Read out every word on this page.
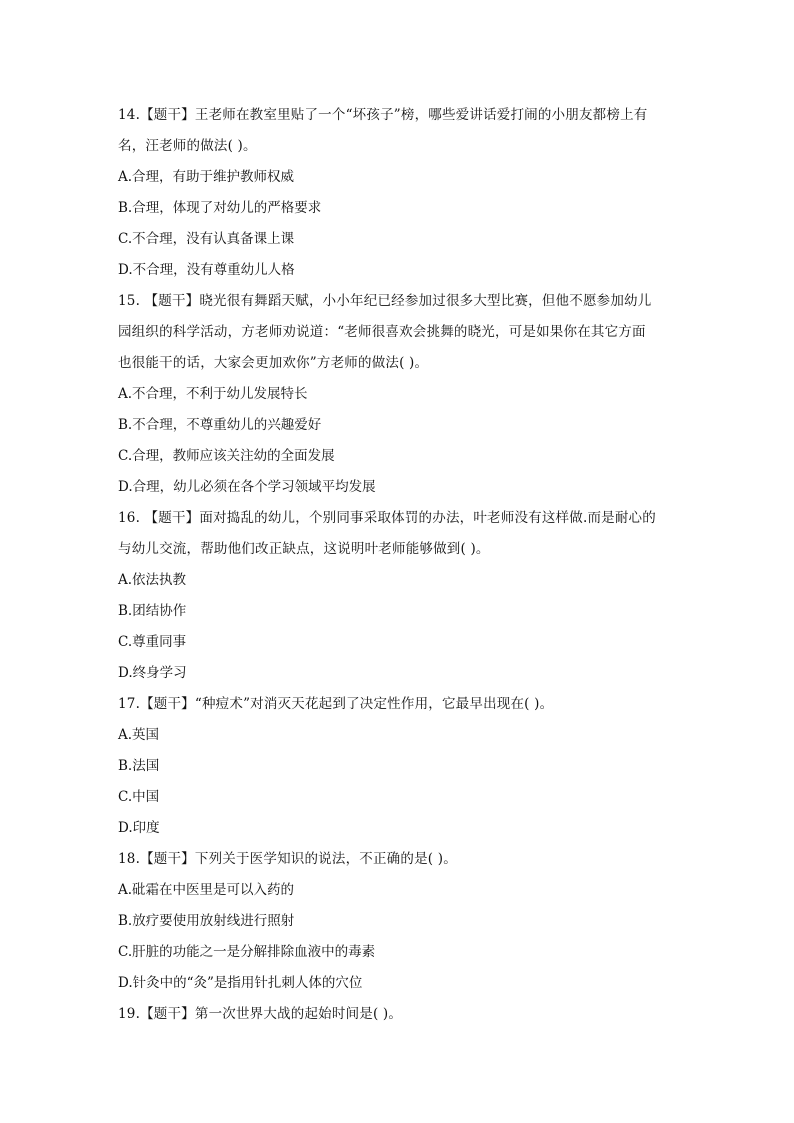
14.【题干】王老师在教室里贴了一个“坏孩子”榜，哪些爱讲话爱打闹的小朋友都榜上有
名，汪老师的做法( )。
A.合理，有助于维护教师权威
B.合理，体现了对幼儿的严格要求
C.不合理，没有认真备课上课
D.不合理，没有尊重幼儿人格
15. 【题干】晓光很有舞蹈天赋，小小年纪已经参加过很多大型比赛，但他不愿参加幼儿
园组织的科学活动，方老师劝说道：“老师很喜欢会挑舞的晓光，可是如果你在其它方面
也很能干的话，大家会更加欢你”方老师的做法( )。
A.不合理，不利于幼儿发展特长
B.不合理，不尊重幼儿的兴趣爱好
C.合理，教师应该关注幼的全面发展
D.合理，幼儿必须在各个学习领域平均发展
16. 【题干】面对捣乱的幼儿，个别同事采取体罚的办法，叶老师没有这样做.而是耐心的
与幼儿交流，帮助他们改正缺点，这说明叶老师能够做到( )。
A.依法执教
B.团结协作
C.尊重同事
D.终身学习
17.【题干】“种痘术”对消灭天花起到了决定性作用，它最早出现在( )。
A.英国
B.法国
C.中国
D.印度
18.【题干】下列关于医学知识的说法，不正确的是( )。
A.砒霜在中医里是可以入药的
B.放疗要使用放射线进行照射
C.肝脏的功能之一是分解排除血液中的毒素
D.针灸中的“灸”是指用针扎刺人体的穴位
19.【题干】第一次世界大战的起始时间是( )。
